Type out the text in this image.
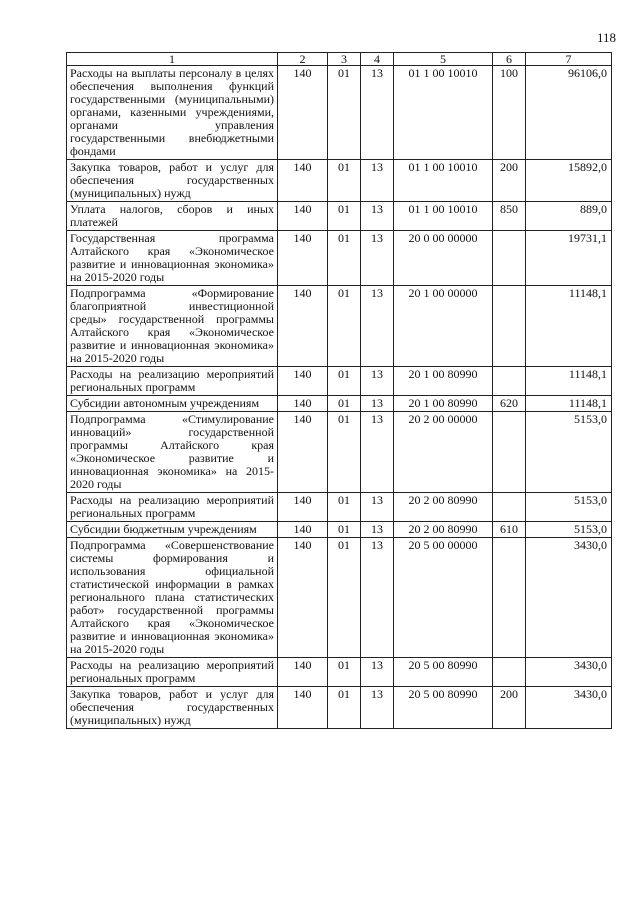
118
1	2	3	4	5	6	7
Расходы на выплаты персоналу в целях обеспечения выполнения функций государственными (муниципальными) органами, казенными учреждениями, органами управления государственными внебюджетными фондами	140	01	13	01 1 00 10010	100	96106,0
Закупка товаров, работ и услуг для обеспечения государственных (муниципальных) нужд	140	01	13	01 1 00 10010	200	15892,0
Уплата налогов, сборов и иных платежей	140	01	13	01 1 00 10010	850	889,0
Государственная программа Алтайского края «Экономическое развитие и инновационная экономика» на 2015-2020 годы	140	01	13	20 0 00 00000		19731,1
Подпрограмма «Формирование благоприятной инвестиционной среды» государственной программы Алтайского края «Экономическое развитие и инновационная экономика» на 2015-2020 годы	140	01	13	20 1 00 00000		11148,1
Расходы на реализацию мероприятий региональных программ	140	01	13	20 1 00 80990		11148,1
Субсидии автономным учреждениям	140	01	13	20 1 00 80990	620	11148,1
Подпрограмма «Стимулирование инноваций» государственной программы Алтайского края «Экономическое развитие и инновационная экономика» на 2015-2020 годы	140	01	13	20 2 00 00000		5153,0
Расходы на реализацию мероприятий региональных программ	140	01	13	20 2 00 80990		5153,0
Субсидии бюджетным учреждениям	140	01	13	20 2 00 80990	610	5153,0
Подпрограмма «Совершенствование системы формирования и использования официальной статистической информации в рамках регионального плана статистических работ» государственной программы Алтайского края «Экономическое развитие и инновационная экономика» на 2015-2020 годы	140	01	13	20 5 00 00000		3430,0
Расходы на реализацию мероприятий региональных программ	140	01	13	20 5 00 80990		3430,0
Закупка товаров, работ и услуг для обеспечения государственных (муниципальных) нужд	140	01	13	20 5 00 80990	200	3430,0
